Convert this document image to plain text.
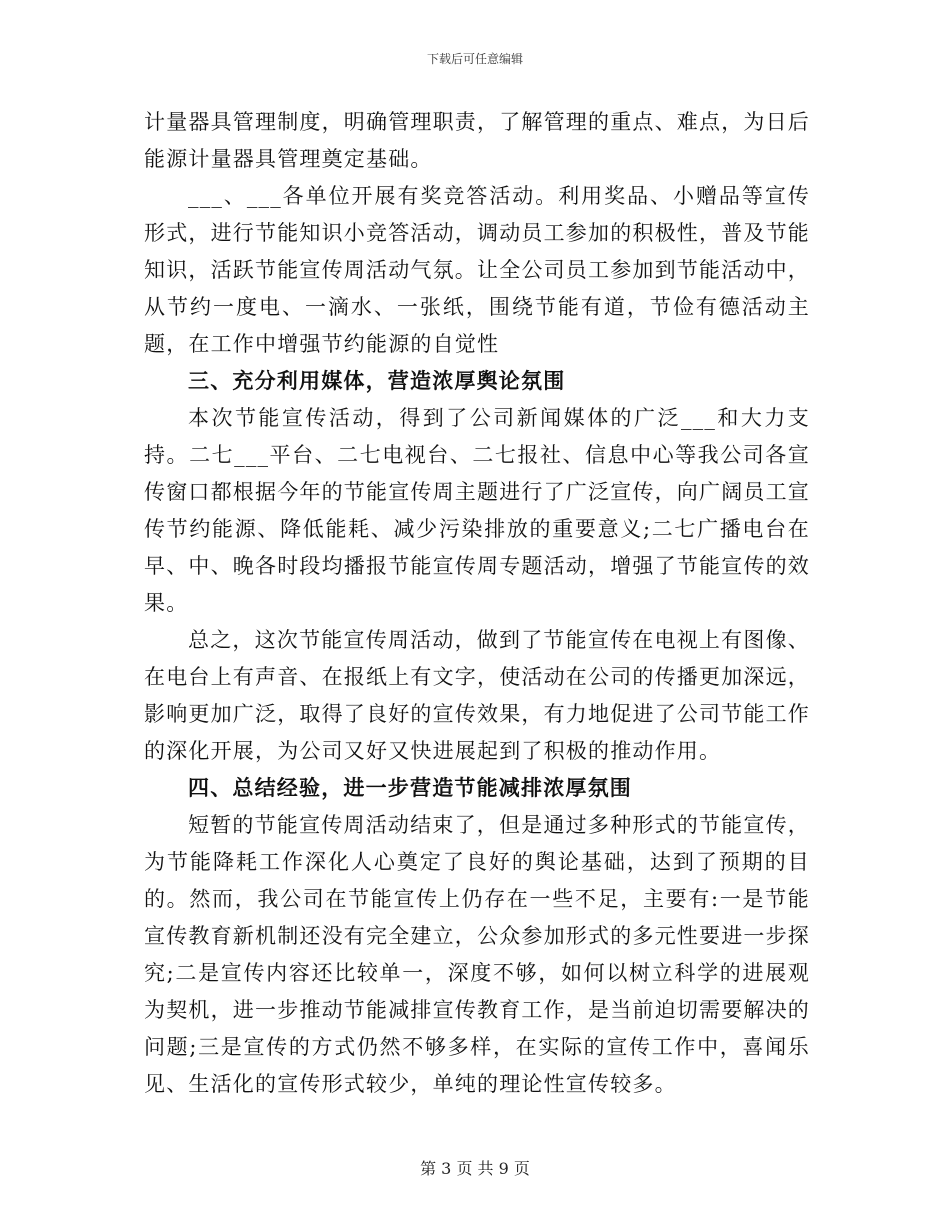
下载后可任意编辑

计量器具管理制度，明确管理职责，了解管理的重点、难点，为日后能源计量器具管理奠定基础。

___、___各单位开展有奖竞答活动。利用奖品、小赠品等宣传形式，进行节能知识小竞答活动，调动员工参加的积极性，普及节能知识，活跃节能宣传周活动气氛。让全公司员工参加到节能活动中，从节约一度电、一滴水、一张纸，围绕节能有道，节俭有德活动主题，在工作中增强节约能源的自觉性

三、充分利用媒体，营造浓厚舆论氛围

本次节能宣传活动，得到了公司新闻媒体的广泛___和大力支持。二七___平台、二七电视台、二七报社、信息中心等我公司各宣传窗口都根据今年的节能宣传周主题进行了广泛宣传，向广阔员工宣传节约能源、降低能耗、减少污染排放的重要意义;二七广播电台在早、中、晚各时段均播报节能宣传周专题活动，增强了节能宣传的效果。

总之，这次节能宣传周活动，做到了节能宣传在电视上有图像、在电台上有声音、在报纸上有文字，使活动在公司的传播更加深远，影响更加广泛，取得了良好的宣传效果，有力地促进了公司节能工作的深化开展，为公司又好又快进展起到了积极的推动作用。

四、总结经验，进一步营造节能减排浓厚氛围

短暂的节能宣传周活动结束了，但是通过多种形式的节能宣传，为节能降耗工作深化人心奠定了良好的舆论基础，达到了预期的目的。然而，我公司在节能宣传上仍存在一些不足，主要有:一是节能宣传教育新机制还没有完全建立，公众参加形式的多元性要进一步探究;二是宣传内容还比较单一，深度不够，如何以树立科学的进展观为契机，进一步推动节能减排宣传教育工作，是当前迫切需要解决的问题;三是宣传的方式仍然不够多样，在实际的宣传工作中，喜闻乐见、生活化的宣传形式较少，单纯的理论性宣传较多。

第 3 页 共 9 页
